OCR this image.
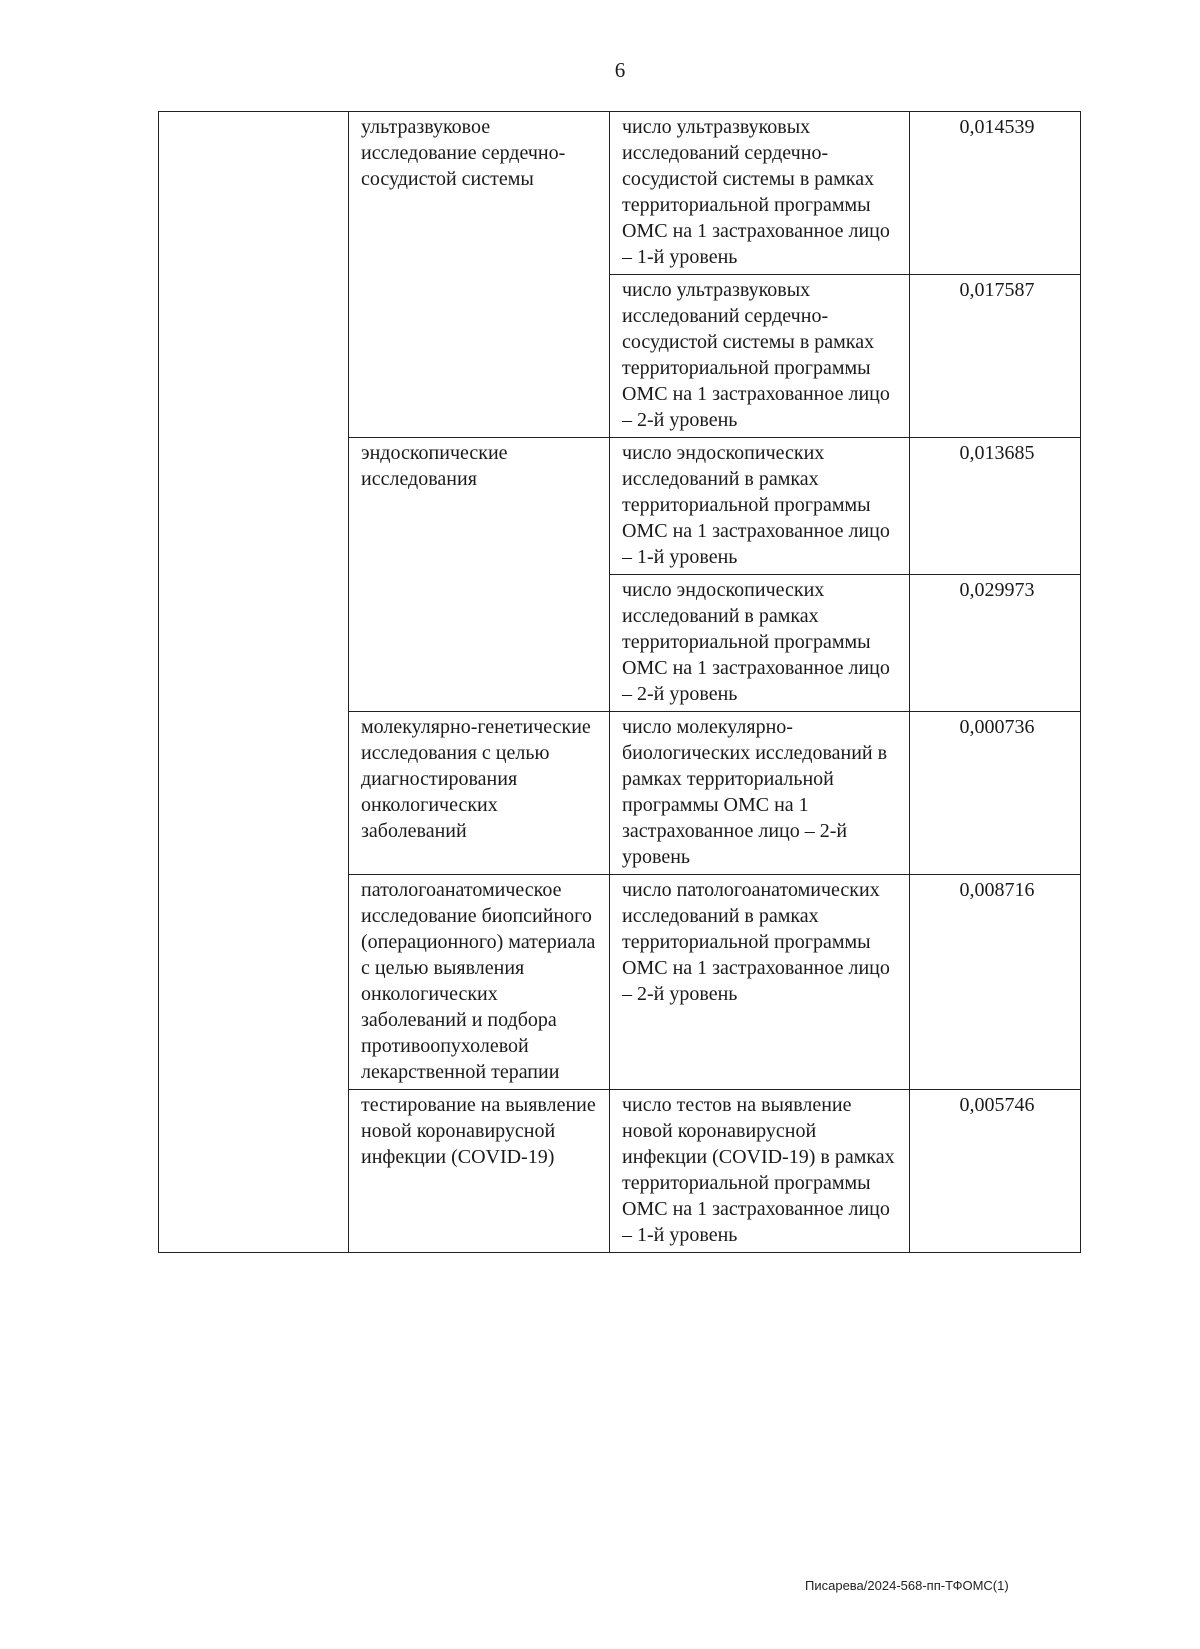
6
	ультразвуковое исследование сердечно-сосудистой системы	число ультразвуковых исследований сердечно-сосудистой системы в рамках территориальной программы ОМС на 1 застрахованное лицо – 1-й уровень	0,014539
		число ультразвуковых исследований сердечно-сосудистой системы в рамках территориальной программы ОМС на 1 застрахованное лицо – 2-й уровень	0,017587
	эндоскопические исследования	число эндоскопических исследований в рамках территориальной программы ОМС на 1 застрахованное лицо – 1-й уровень	0,013685
		число эндоскопических исследований в рамках территориальной программы ОМС на 1 застрахованное лицо – 2-й уровень	0,029973
	молекулярно-генетические исследования с целью диагностирования онкологических заболеваний	число молекулярно-биологических исследований в рамках территориальной программы ОМС на 1 застрахованное лицо – 2-й уровень	0,000736
	патологоанатомическое исследование биопсийного (операционного) материала с целью выявления онкологических заболеваний и подбора противоопухолевой лекарственной терапии	число патологоанатомических исследований в рамках территориальной программы ОМС на 1 застрахованное лицо – 2-й уровень	0,008716
	тестирование на выявление новой коронавирусной инфекции (COVID-19)	число тестов на выявление новой коронавирусной инфекции (COVID-19) в рамках территориальной программы ОМС на 1 застрахованное лицо – 1-й уровень	0,005746
Писарева/2024-568-пп-ТФОМС(1)
